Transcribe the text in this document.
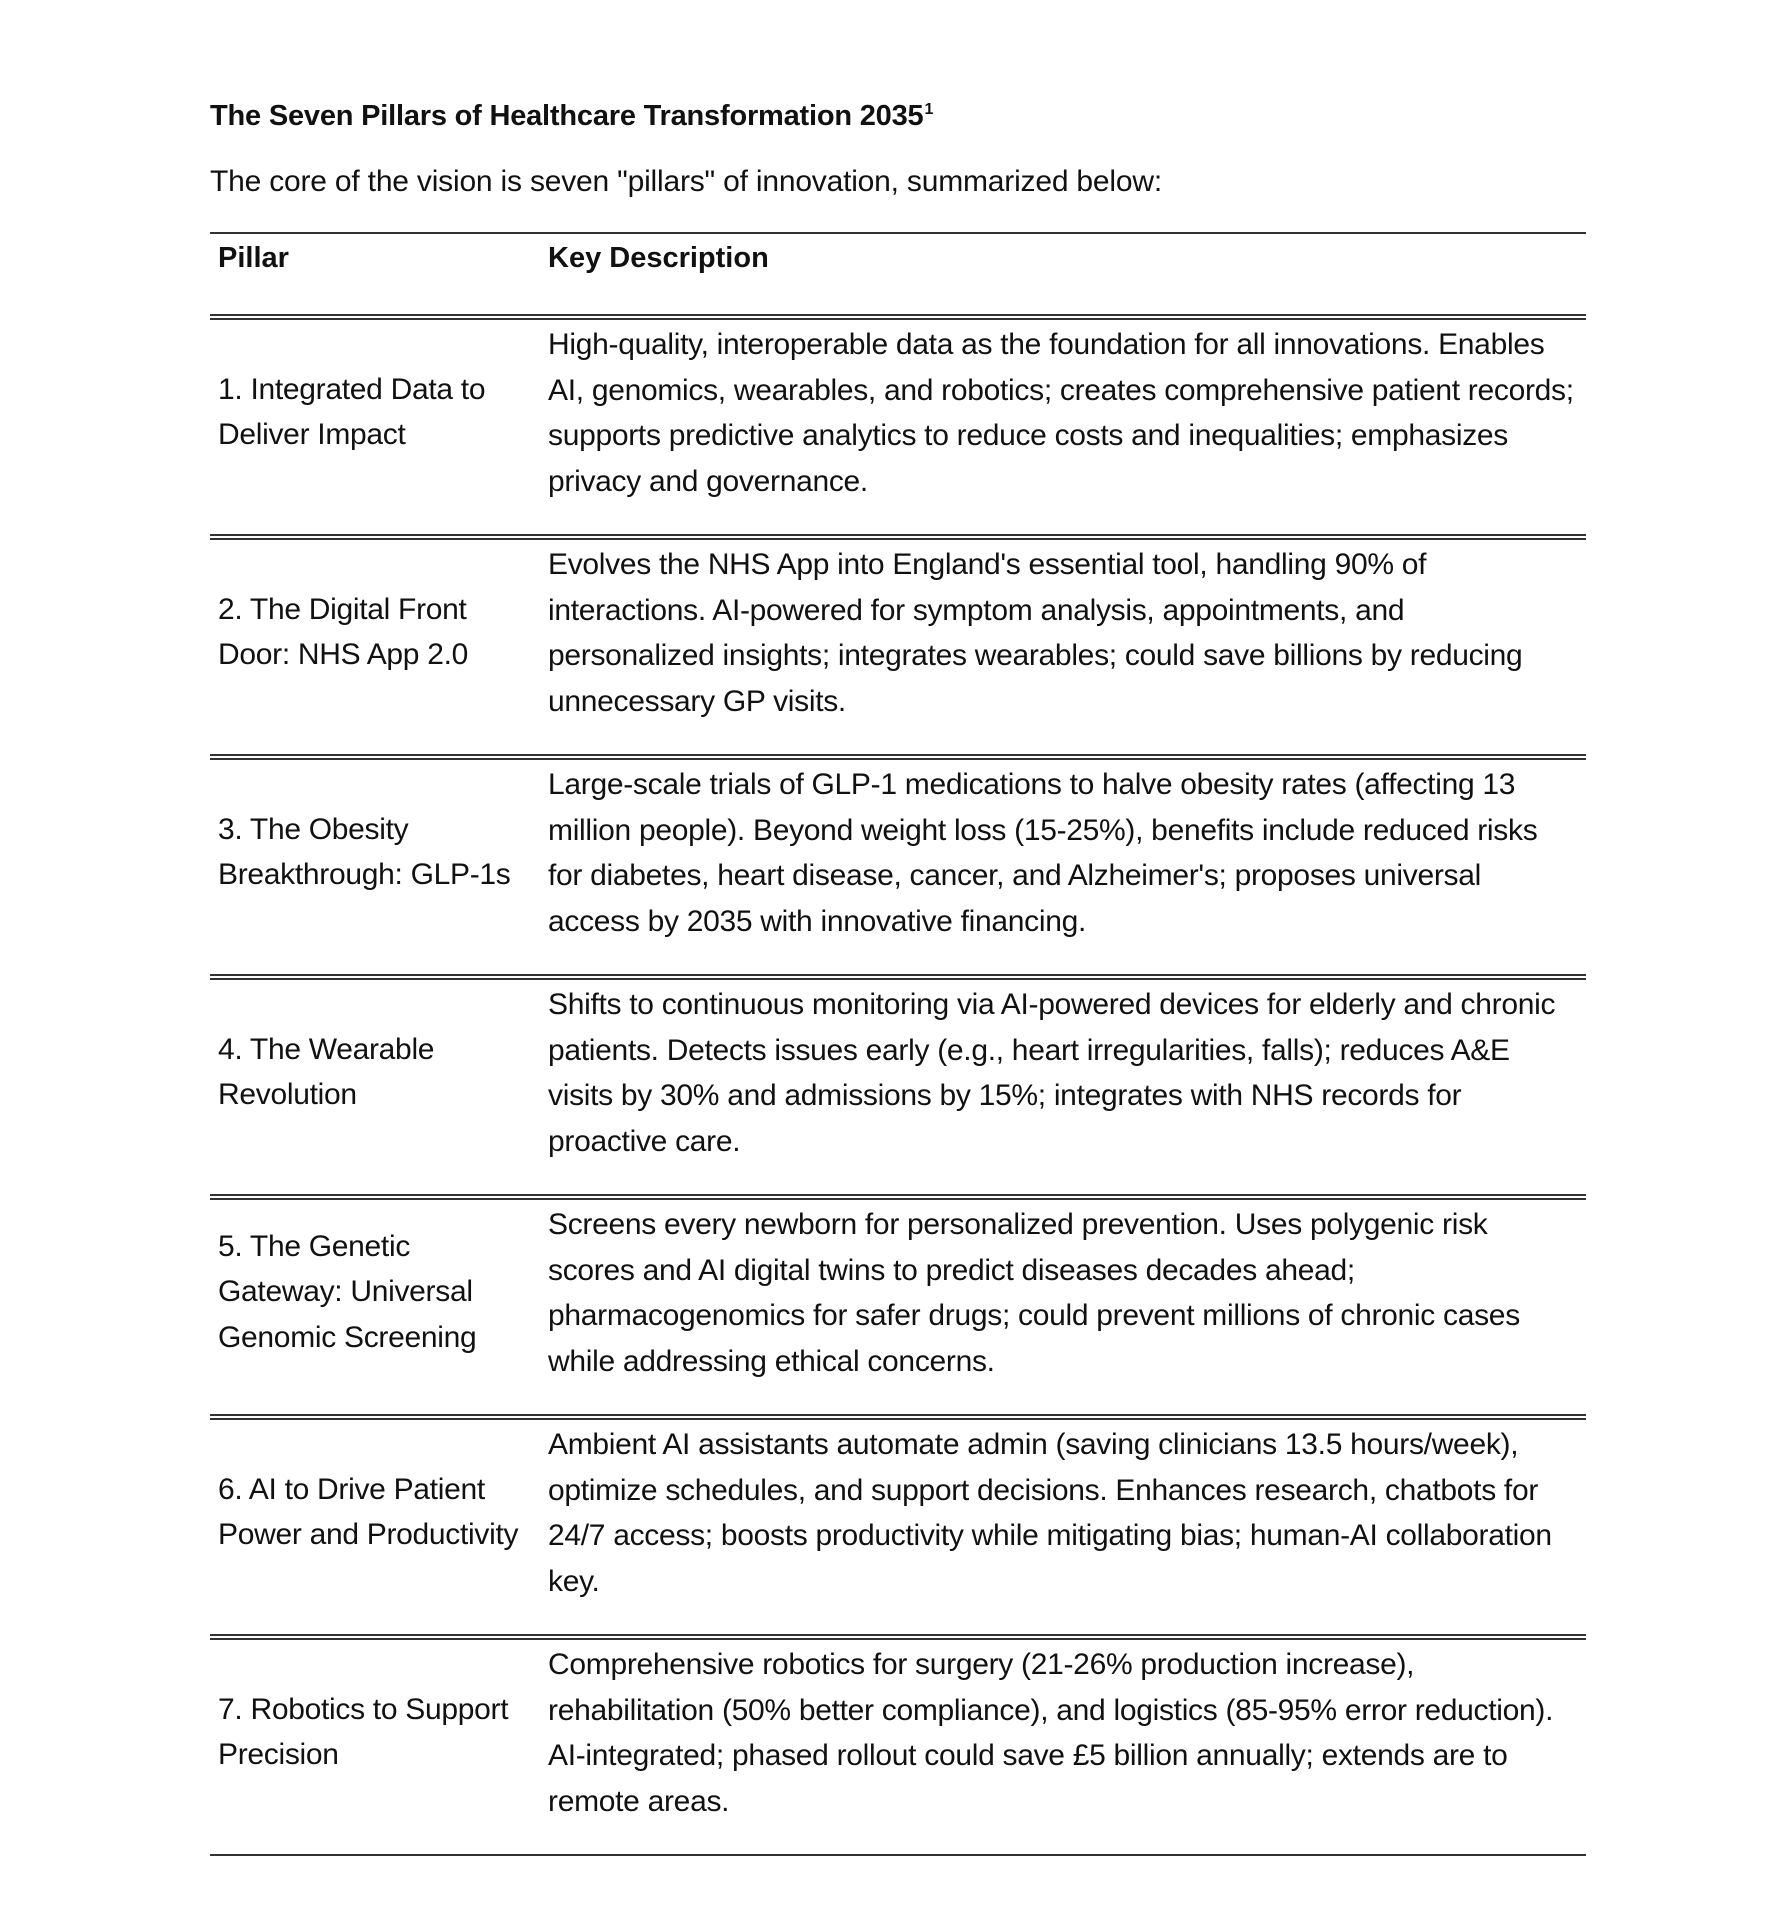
The Seven Pillars of Healthcare Transformation 2035$^1$

The core of the vision is seven "pillars" of innovation, summarized below:

Pillar	Key Description
1. Integrated Data to Deliver Impact	High-quality, interoperable data as the foundation for all innovations. Enables AI, genomics, wearables, and robotics; creates comprehensive patient records; supports predictive analytics to reduce costs and inequalities; emphasizes privacy and governance.
2. The Digital Front Door: NHS App 2.0	Evolves the NHS App into England's essential tool, handling 90% of interactions. AI-powered for symptom analysis, appointments, and personalized insights; integrates wearables; could save billions by reducing unnecessary GP visits.
3. The Obesity Breakthrough: GLP-1s	Large-scale trials of GLP-1 medications to halve obesity rates (affecting 13 million people). Beyond weight loss (15-25%), benefits include reduced risks for diabetes, heart disease, cancer, and Alzheimer's; proposes universal access by 2035 with innovative financing.
4. The Wearable Revolution	Shifts to continuous monitoring via AI-powered devices for elderly and chronic patients. Detects issues early (e.g., heart irregularities, falls); reduces A&E visits by 30% and admissions by 15%; integrates with NHS records for proactive care.
5. The Genetic Gateway: Universal Genomic Screening	Screens every newborn for personalized prevention. Uses polygenic risk scores and AI digital twins to predict diseases decades ahead; pharmacogenomics for safer drugs; could prevent millions of chronic cases while addressing ethical concerns.
6. AI to Drive Patient Power and Productivity	Ambient AI assistants automate admin (saving clinicians 13.5 hours/week), optimize schedules, and support decisions. Enhances research, chatbots for 24/7 access; boosts productivity while mitigating bias; human-AI collaboration key.
7. Robotics to Support Precision	Comprehensive robotics for surgery (21-26% production increase), rehabilitation (50% better compliance), and logistics (85-95% error reduction). AI-integrated; phased rollout could save £5 billion annually; extends are to remote areas.
